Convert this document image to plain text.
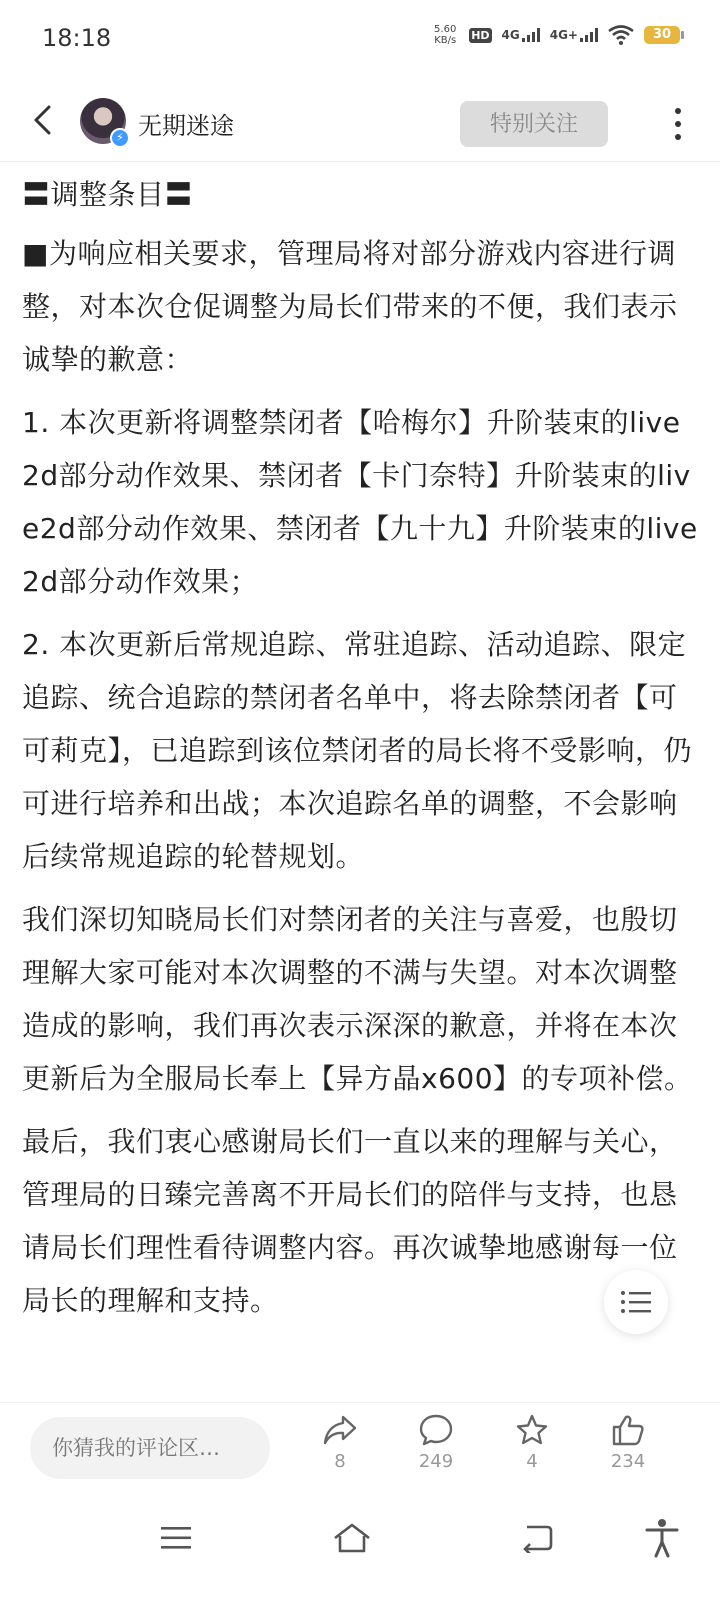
18:18	5.60
KB/s HD 4G	4G+	30
⚡ 无期迷途	特别关注

〓调整条目〓

■为响应相关要求，管理局将对部分游戏内容进行调整，对本次仓促调整为局长们带来的不便，我们表示诚挚的歉意：

1. 本次更新将调整禁闭者【哈梅尔】升阶装束的live2d部分动作效果、禁闭者【卡门奈特】升阶装束的live2d部分动作效果、禁闭者【九十九】升阶装束的live2d部分动作效果；

2. 本次更新后常规追踪、常驻追踪、活动追踪、限定追踪、统合追踪的禁闭者名单中，将去除禁闭者【可可莉克】，已追踪到该位禁闭者的局长将不受影响，仍可进行培养和出战；本次追踪名单的调整，不会影响后续常规追踪的轮替规划。

我们深切知晓局长们对禁闭者的关注与喜爱，也殷切理解大家可能对本次调整的不满与失望。对本次调整造成的影响，我们再次表示深深的歉意，并将在本次更新后为全服局长奉上【异方晶x600】的专项补偿。

最后，我们衷心感谢局长们一直以来的理解与关心，管理局的日臻完善离不开局长们的陪伴与支持，也恳请局长们理性看待调整内容。再次诚挚地感谢每一位局长的理解和支持。

你猜我的评论区…
8	249	4	234
